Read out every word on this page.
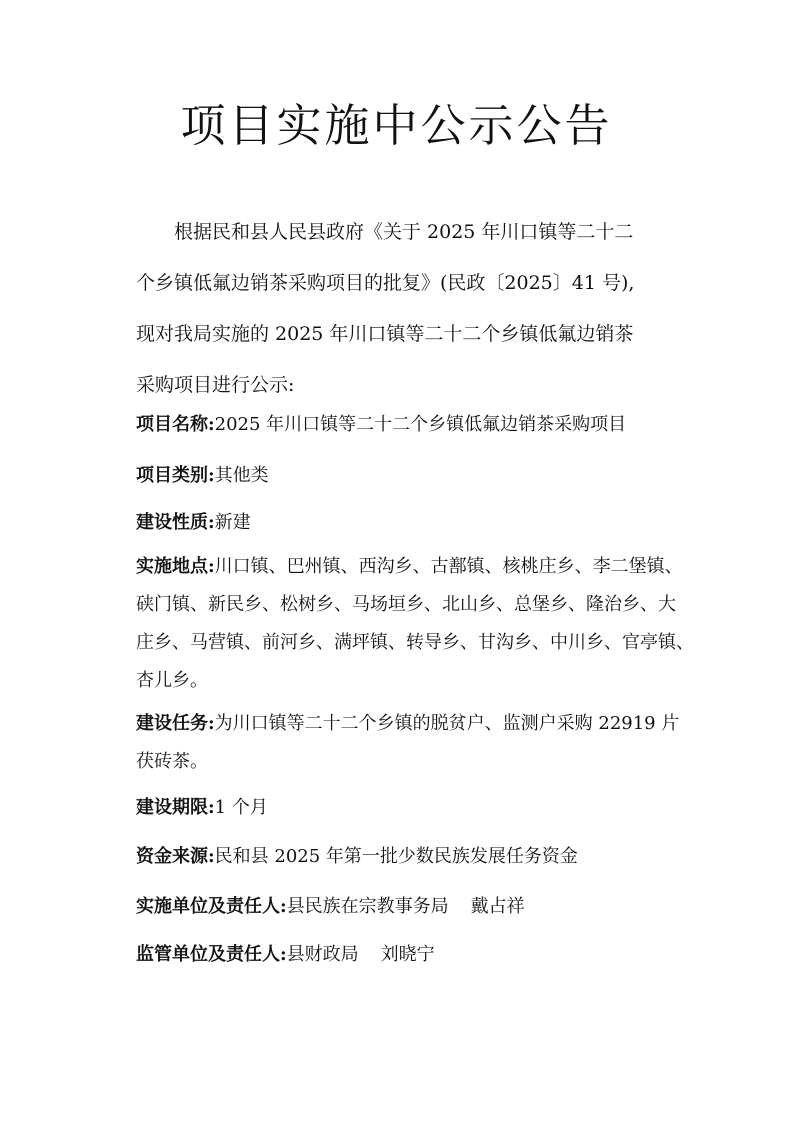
项目实施中公示公告

根据民和县人民县政府《关于 2025 年川口镇等二十二
个乡镇低氟边销茶采购项目的批复》(民政〔2025〕41 号),
现对我局实施的 2025 年川口镇等二十二个乡镇低氟边销茶
采购项目进行公示:

项目名称:2025 年川口镇等二十二个乡镇低氟边销茶采购项目

项目类别:其他类

建设性质:新建

实施地点:川口镇、巴州镇、西沟乡、古鄯镇、核桃庄乡、李二堡镇、
硖门镇、新民乡、松树乡、马场垣乡、北山乡、总堡乡、隆治乡、大
庄乡、马营镇、前河乡、满坪镇、转导乡、甘沟乡、中川乡、官亭镇、
杏儿乡。

建设任务:为川口镇等二十二个乡镇的脱贫户、监测户采购 22919 片
茯砖茶。

建设期限:1 个月

资金来源:民和县 2025 年第一批少数民族发展任务资金

实施单位及责任人:县民族在宗教事务局 戴占祥

监管单位及责任人:县财政局 刘晓宁
